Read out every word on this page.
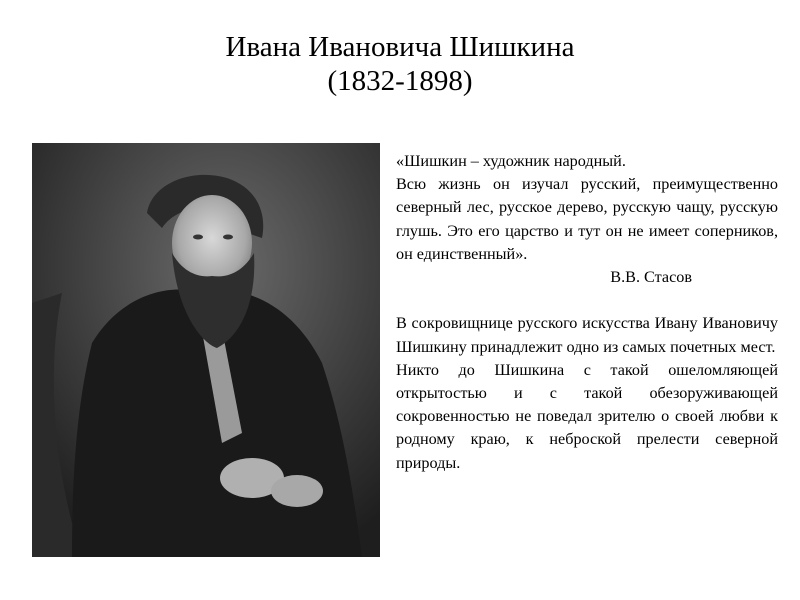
Ивана Ивановича Шишкина
(1832-1898)

«Шишкин – художник народный.

Всю жизнь он изучал русский, преимущественно северный лес, русское дерево, русскую чащу, русскую глушь. Это его царство и тут он не имеет соперников, он единственный».

В.В. Стасов

В сокровищнице русского искусства Ивану Ивановичу Шишкину принадлежит одно из самых почетных мест.

Никто до Шишкина с такой ошеломляющей открытостью и с такой обезоруживающей сокровенностью не поведал зрителю о своей любви к родному краю, к неброской прелести северной природы.
